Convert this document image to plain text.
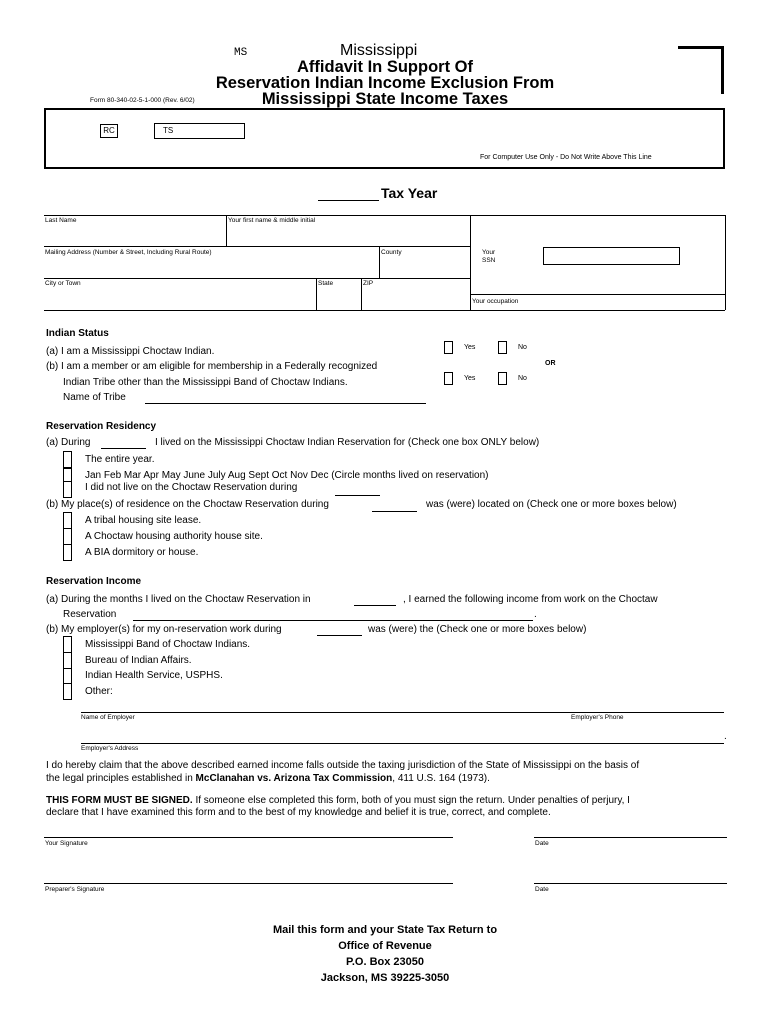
MS	Mississippi
Affidavit In Support Of
Reservation Indian Income Exclusion From
Mississippi State Income Taxes
Form 80-340-02-5-1-000 (Rev. 6/02)
RC	TS
For Computer Use Only - Do Not Write Above This Line
Tax Year
Last Name	Your first name & middle initial
Mailing Address (Number & Street, Including Rural Route)	County	Your
SSN
City or Town	State	ZIP
Your occupation
Indian Status
(a) I am a Mississippi Choctaw Indian.
(b) I am a member or am eligible for membership in a Federally recognized
Indian Tribe other than the Mississippi Band of Choctaw Indians.
Name of Tribe
Yes	No
OR
Yes	No
Reservation Residency
(a) During	I lived on the Mississippi Choctaw Indian Reservation for (Check one box ONLY below)
The entire year.
Jan Feb Mar Apr May June July Aug Sept Oct Nov Dec (Circle months lived on reservation)
I did not live on the Choctaw Reservation during
(b) My place(s) of residence on the Choctaw Reservation during	was (were) located on (Check one or more boxes below)
A tribal housing site lease.
A Choctaw housing authority house site.
A BIA dormitory or house.
Reservation Income
(a) During the months I lived on the Choctaw Reservation in	, I earned the following income from work on the Choctaw
Reservation	.
(b) My employer(s) for my on-reservation work during	was (were) the (Check one or more boxes below)
Mississippi Band of Choctaw Indians.
Bureau of Indian Affairs.
Indian Health Service, USPHS.
Other:
Name of Employer	Employer's Phone
.
Employer's Address
I do hereby claim that the above described earned income falls outside the taxing jurisdiction of the State of Mississippi on the basis of
the legal principles established in McClanahan vs. Arizona Tax Commission, 411 U.S. 164 (1973).
THIS FORM MUST BE SIGNED. If someone else completed this form, both of you must sign the return. Under penalties of perjury, I
declare that I have examined this form and to the best of my knowledge and belief it is true, correct, and complete.
Your Signature	Date
Preparer's Signature	Date
Mail this form and your State Tax Return to
Office of Revenue
P.O. Box 23050
Jackson, MS 39225-3050
